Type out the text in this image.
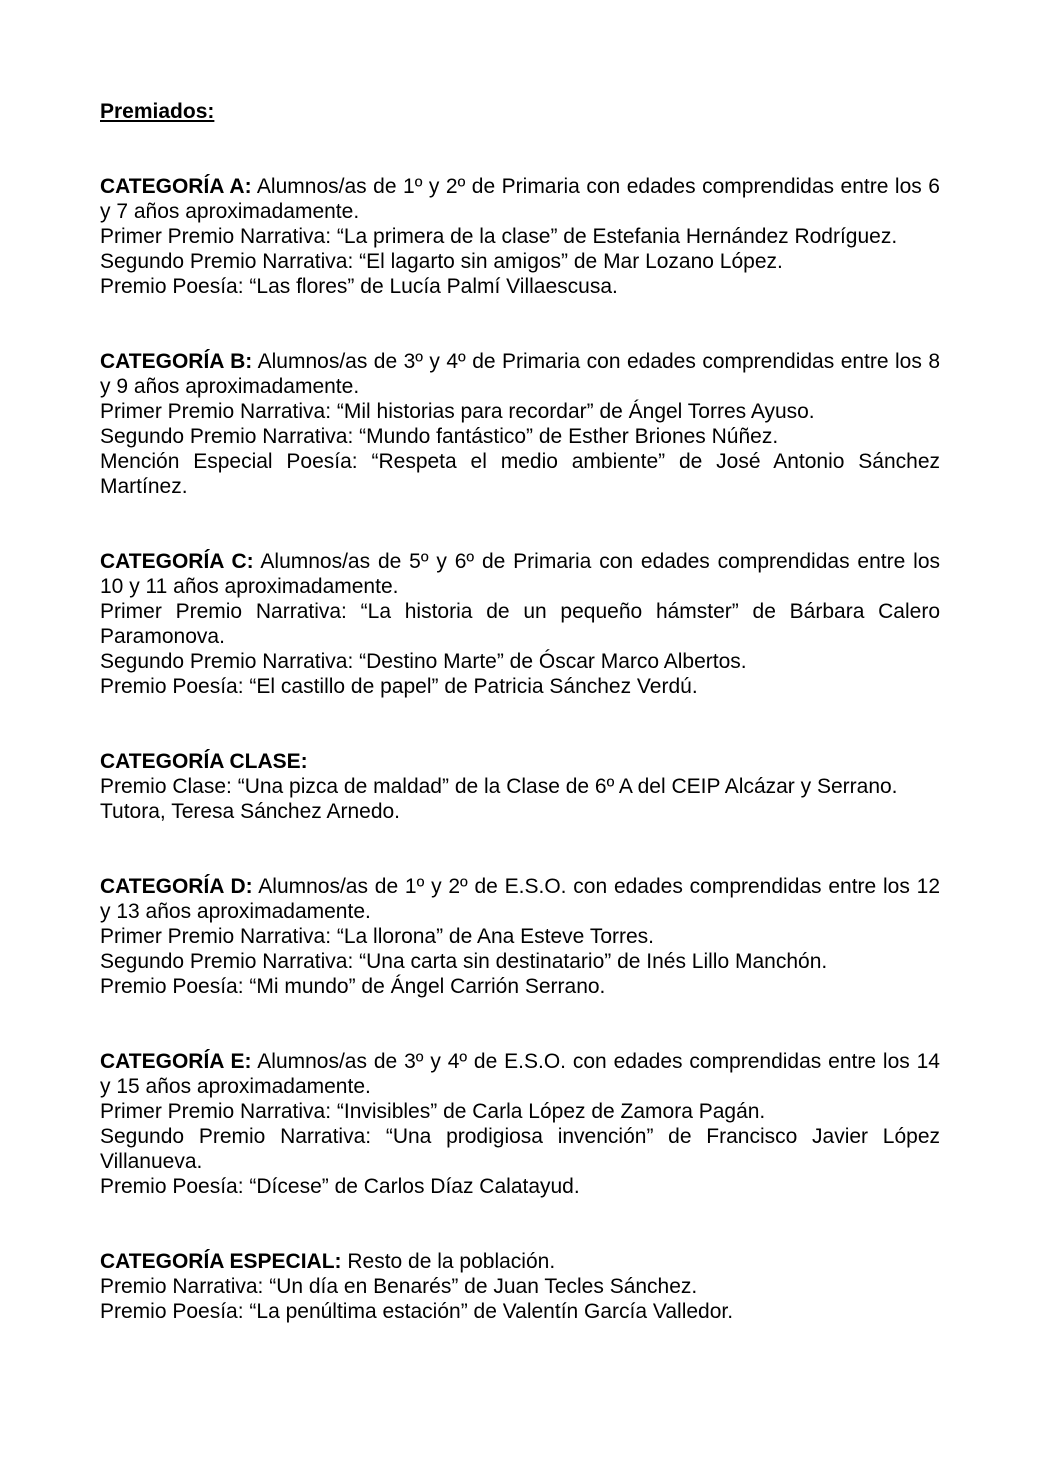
Premiados:

CATEGORÍA A: Alumnos/as de 1º y 2º de Primaria con edades comprendidas entre los 6 y 7 años aproximadamente.

Primer Premio Narrativa: “La primera de la clase” de Estefania Hernández Rodríguez.

Segundo Premio Narrativa: “El lagarto sin amigos” de Mar Lozano López.

Premio Poesía: “Las flores” de Lucía Palmí Villaescusa.

CATEGORÍA B: Alumnos/as de 3º y 4º de Primaria con edades comprendidas entre los 8 y 9 años aproximadamente.

Primer Premio Narrativa: “Mil historias para recordar” de Ángel Torres Ayuso.

Segundo Premio Narrativa: “Mundo fantástico” de Esther Briones Núñez.

Mención Especial Poesía: “Respeta el medio ambiente” de José Antonio Sánchez Martínez.

CATEGORÍA C: Alumnos/as de 5º y 6º de Primaria con edades comprendidas entre los 10 y 11 años aproximadamente.

Primer Premio Narrativa: “La historia de un pequeño hámster” de Bárbara Calero Paramonova.

Segundo Premio Narrativa: “Destino Marte” de Óscar Marco Albertos.

Premio Poesía: “El castillo de papel” de Patricia Sánchez Verdú.

CATEGORÍA CLASE:

Premio Clase: “Una pizca de maldad” de la Clase de 6º A del CEIP Alcázar y Serrano.

Tutora, Teresa Sánchez Arnedo.

CATEGORÍA D: Alumnos/as de 1º y 2º de E.S.O. con edades comprendidas entre los 12 y 13 años aproximadamente.

Primer Premio Narrativa: “La llorona” de Ana Esteve Torres.

Segundo Premio Narrativa: “Una carta sin destinatario” de Inés Lillo Manchón.

Premio Poesía: “Mi mundo” de Ángel Carrión Serrano.

CATEGORÍA E: Alumnos/as de 3º y 4º de E.S.O. con edades comprendidas entre los 14 y 15 años aproximadamente.

Primer Premio Narrativa: “Invisibles” de Carla López de Zamora Pagán.

Segundo Premio Narrativa: “Una prodigiosa invención” de Francisco Javier López Villanueva.

Premio Poesía: “Dícese” de Carlos Díaz Calatayud.

CATEGORÍA ESPECIAL: Resto de la población.

Premio Narrativa: “Un día en Benarés” de Juan Tecles Sánchez.

Premio Poesía: “La penúltima estación” de Valentín García Valledor.
